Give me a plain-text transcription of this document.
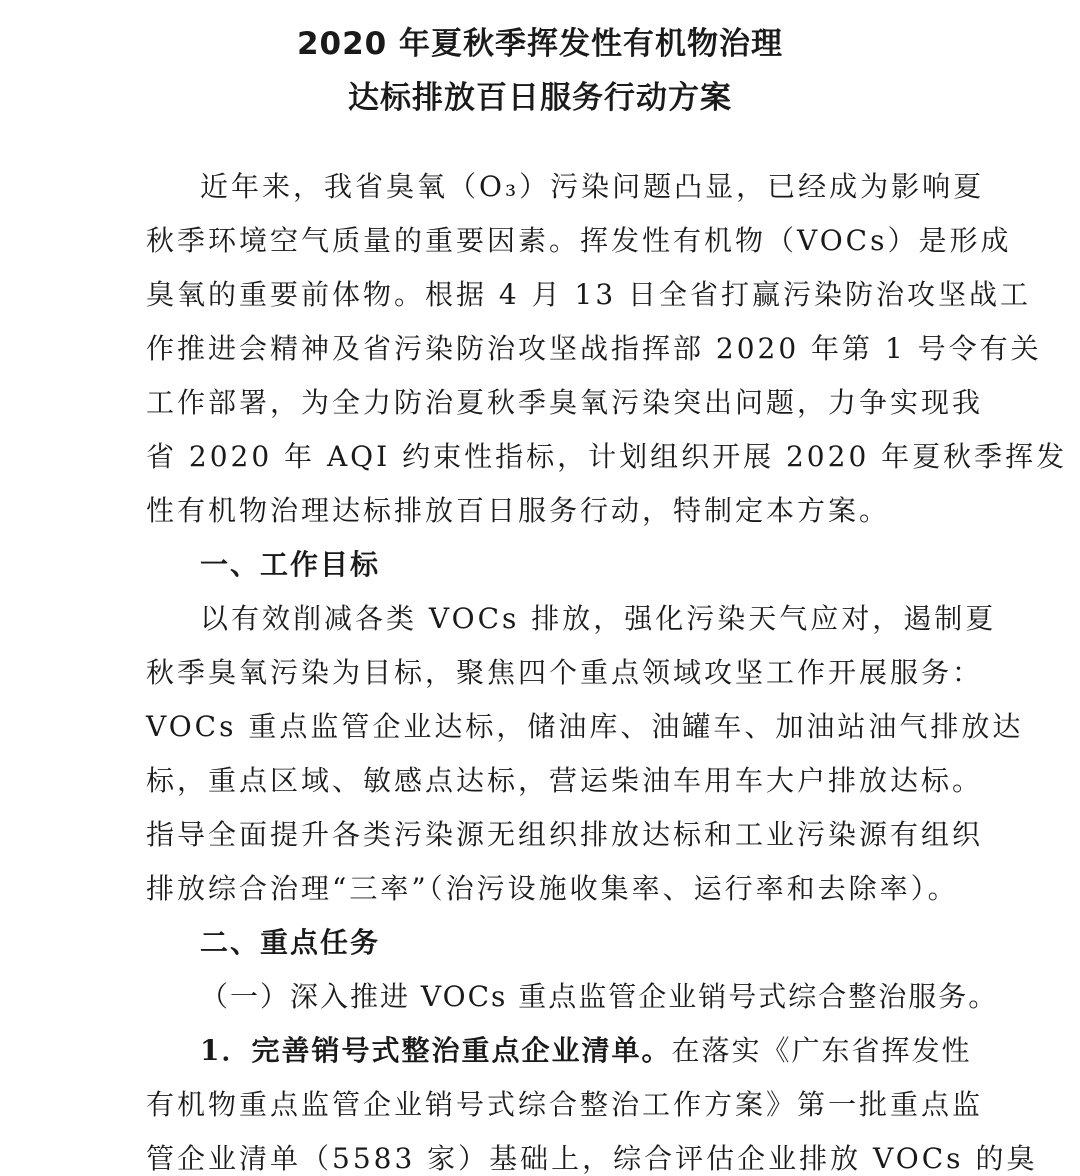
2020 年夏秋季挥发性有机物治理
达标排放百日服务行动方案
近年来，我省臭氧（O₃）污染问题凸显，已经成为影响夏
秋季环境空气质量的重要因素。挥发性有机物（VOCs）是形成
臭氧的重要前体物。根据 4 月 13 日全省打赢污染防治攻坚战工
作推进会精神及省污染防治攻坚战指挥部 2020 年第 1 号令有关
工作部署，为全力防治夏秋季臭氧污染突出问题，力争实现我
省 2020 年 AQI 约束性指标，计划组织开展 2020 年夏秋季挥发
性有机物治理达标排放百日服务行动，特制定本方案。
一、工作目标
以有效削减各类 VOCs 排放，强化污染天气应对，遏制夏
秋季臭氧污染为目标，聚焦四个重点领域攻坚工作开展服务：
VOCs 重点监管企业达标，储油库、油罐车、加油站油气排放达
标，重点区域、敏感点达标，营运柴油车用车大户排放达标。
指导全面提升各类污染源无组织排放达标和工业污染源有组织
排放综合治理“三率”（治污设施收集率、运行率和去除率）。
二、重点任务
（一）深入推进 VOCs 重点监管企业销号式综合整治服务。
1．完善销号式整治重点企业清单。在落实《广东省挥发性
有机物重点监管企业销号式综合整治工作方案》第一批重点监
管企业清单（5583 家）基础上，综合评估企业排放 VOCs 的臭
